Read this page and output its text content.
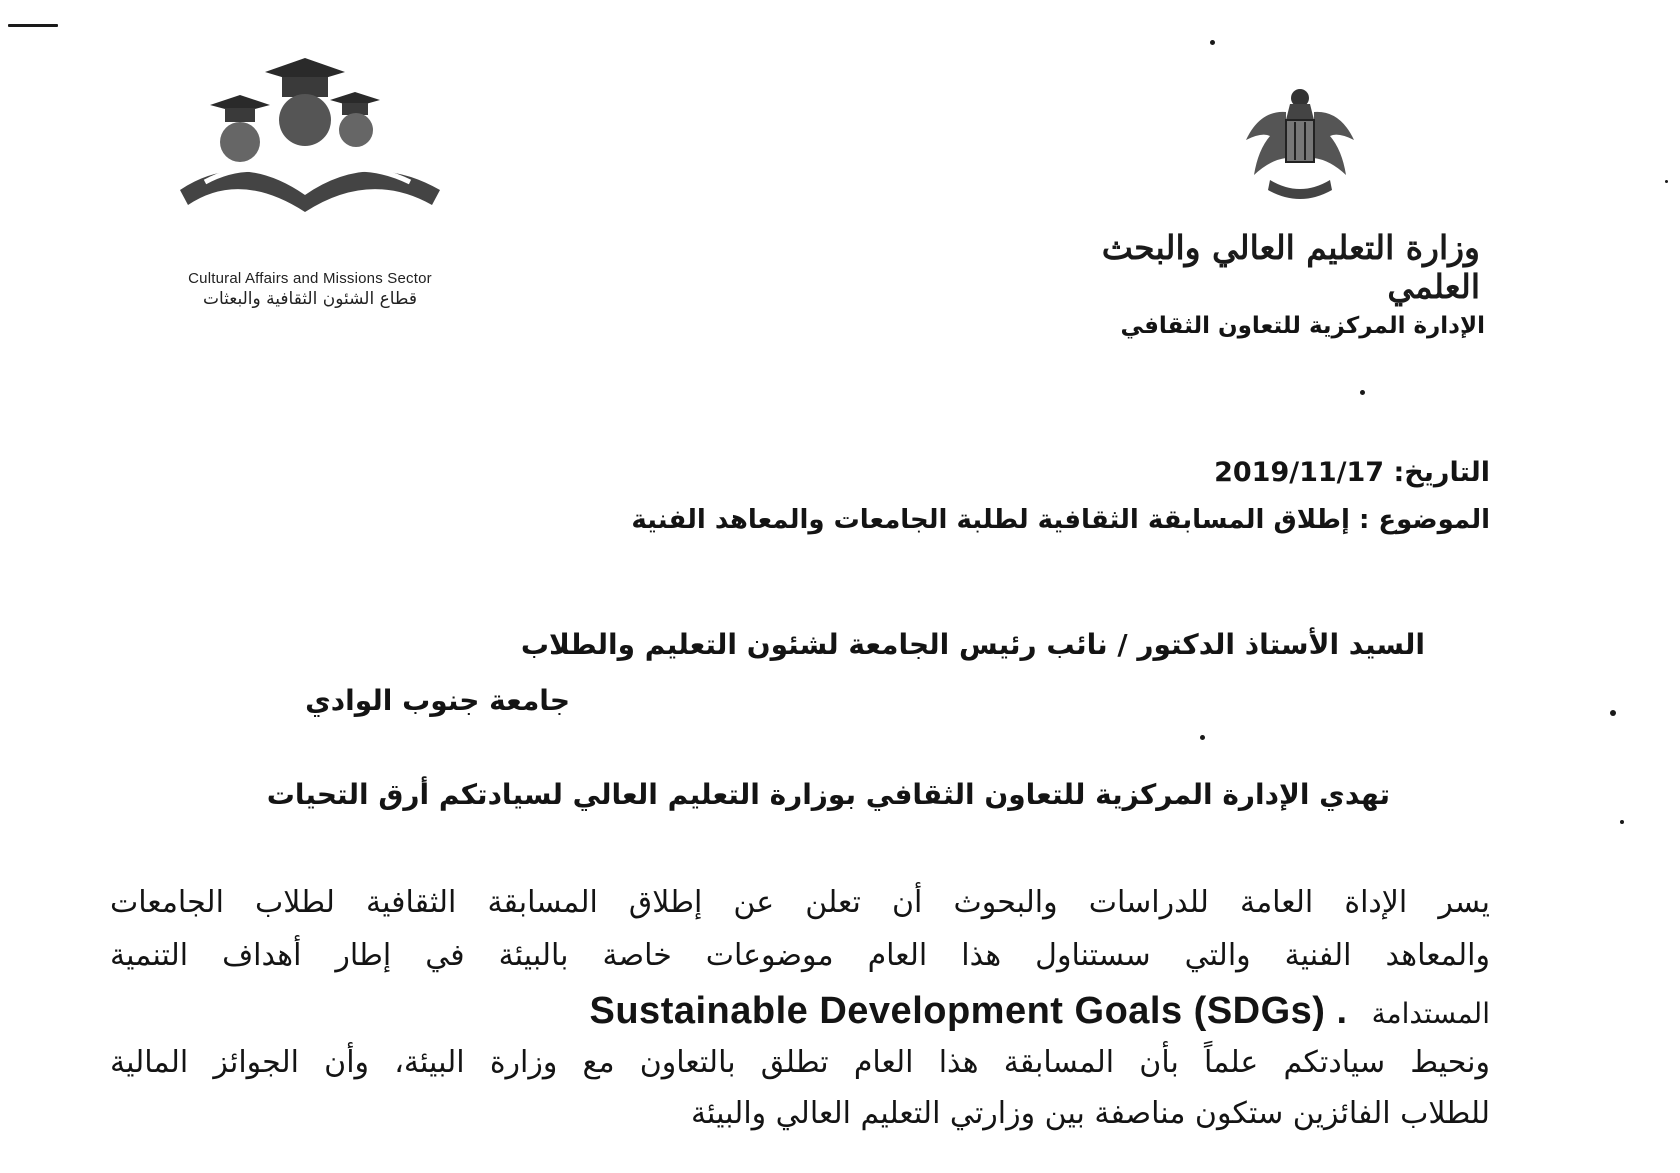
Cultural Affairs and Missions Sector
قطاع الشئون الثقافية والبعثات
وزارة التعليم العالي والبحث العلمي
الإدارة المركزية للتعاون الثقافي
التاريخ: 2019/11/17
الموضوع : إطلاق المسابقة الثقافية لطلبة الجامعات والمعاهد الفنية
السيد الأستاذ الدكتور / نائب رئيس الجامعة لشئون التعليم والطلاب
جامعة جنوب الوادي
تهدي الإدارة المركزية للتعاون الثقافي بوزارة التعليم العالي لسيادتكم أرق التحيات
يسر الإداة العامة للدراسات والبحوث أن تعلن عن إطلاق المسابقة الثقافية لطلاب الجامعات
والمعاهد الفنية والتي سستناول هذا العام موضوعات خاصة بالبيئة في إطار أهداف التنمية
Sustainable Development Goals (SDGs) . المستدامة
ونحيط سيادتكم علماً بأن المسابقة هذا العام تطلق بالتعاون مع وزارة البيئة، وأن الجوائز المالية
للطلاب الفائزين ستكون مناصفة بين وزارتي التعليم العالي والبيئة
